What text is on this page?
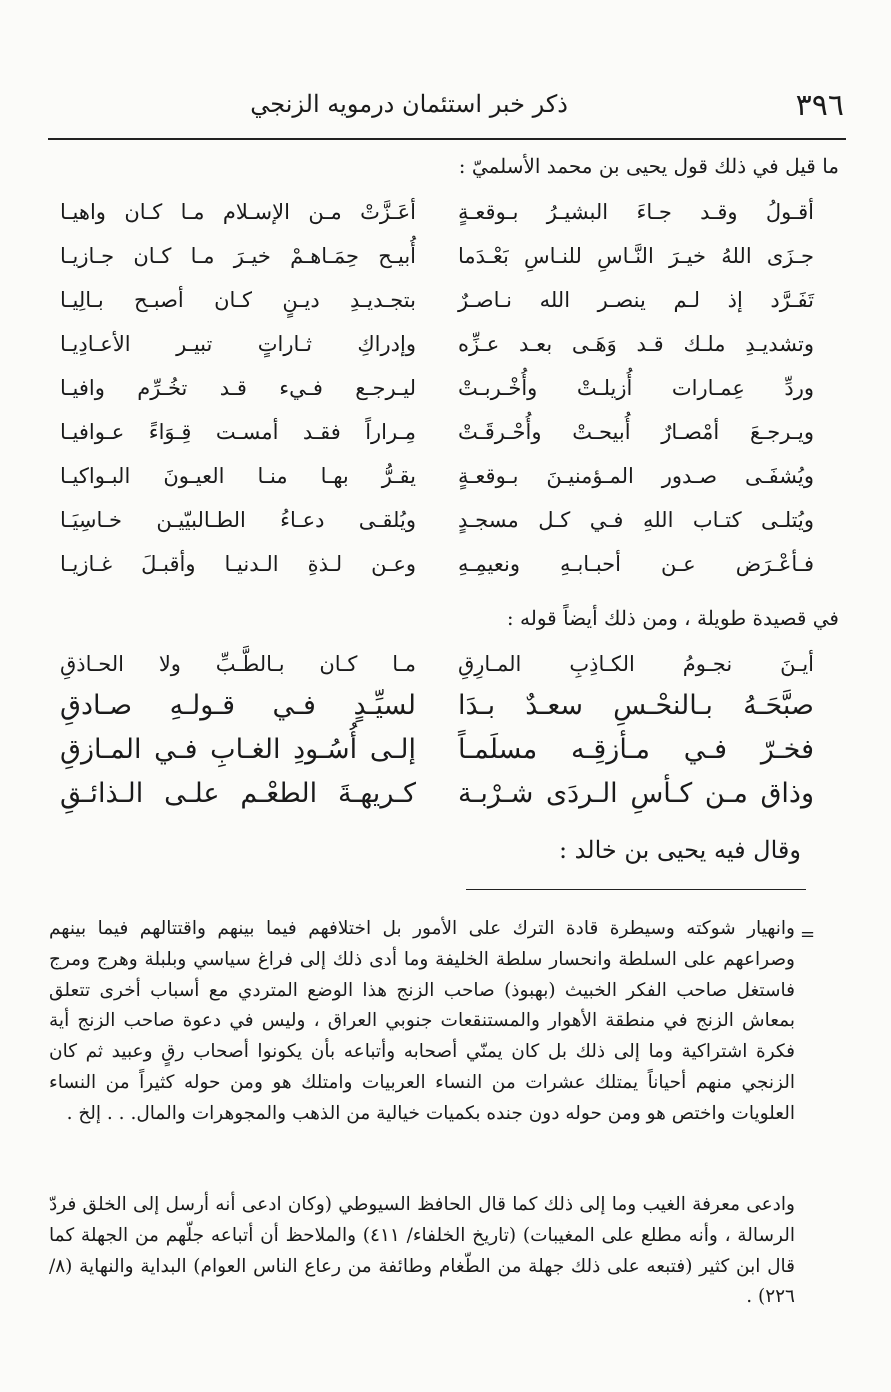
٣٩٦
ذكر خبر استئمان درمويه الزنجي
ما قيل في ذلك قول يحيى بن محمد الأسلميّ :
أقـولُ وقـد جـاءَ البشيـرُ بـوقعـةٍ
أعَـزَّتْ مـن الإسـلام مـا كـان واهيـا
جـزَى اللهُ خيـرَ النَّـاسِ للنـاسِ بَعْـدَما
أُبيـح حِمَـاهـمْ خيـرَ مـا كـان جـازيـا
تَفَـرَّد إذ لـم ينصـر الله نـاصـرٌ
بتجـديـدِ ديـنٍ كـان أصبـح بـالِيـا
وتشديـدِ ملـك قـد وَهَـى بعـد عـزِّه
وإدراكِ ثـاراتٍ تبيـر الأعـادِيـا
وردِّ عِمـارات أُزيلـتْ وأُخْـربـتْ
ليـرجـع فـيء قـد تخُـرِّم وافيـا
ويـرجـعَ أمْصـارٌ أُبيحـتْ وأُحْـرقَـتْ
مِـراراً فقـد أمسـت قِـوَاءً عـوافيـا
ويُشفَـى صـدور المـؤمنيـنَ بـوقعـةٍ
يقـرُّ بهـا منـا العيـونَ البـواكيـا
ويُتلـى كتـاب اللهِ فـي كـل مسجـدٍ
ويُلقـى دعـاءُ الطـالبيّيـن خـاسِيَـا
فـأعْـرَض عـن أحبـابـهِ ونعيمِـهِ
وعـن لـذةِ الـدنيـا وأقبـلَ غـازيـا
في قصيدة طويلة ، ومن ذلك أيضاً قوله :
أيـنَ نجـومُ الكـاذِبِ المـارِقِ
مـا كـان بـالطَّـبِّ ولا الحـاذقِ
صبَّحَـهُ بـالنحْـسِ سعـدٌ بـدَا
لسيِّـدٍ فـي قـولـهِ صـادقِ
فخـرّ فـي مـأزقِـه مسلَمـاً
إلـى أُسُـودِ الغـابِ فـي المـازقِ
وذاق مـن كـأسِ الـردَى شـرْبـة
كـريهـةَ الطعْـم علـى الـذائـقِ
وقال فيه يحيى بن خالد :
=
وانهيار شوكته وسيطرة قادة الترك على الأمور بل اختلافهم فيما بينهم واقتتالهم فيما بينهم وصراعهم على السلطة وانحسار سلطة الخليفة وما أدى ذلك إلى فراغ سياسي وبلبلة وهرج ومرج فاستغل صاحب الفكر الخبيث (بهبوذ) صاحب الزنج هذا الوضع المتردي مع أسباب أخرى تتعلق بمعاش الزنج في منطقة الأهوار والمستنقعات جنوبي العراق ، وليس في دعوة صاحب الزنج أية فكرة اشتراكية وما إلى ذلك بل كان يمنّي أصحابه وأتباعه بأن يكونوا أصحاب رقٍ وعبيد ثم كان الزنجي منهم أحياناً يمتلك عشرات من النساء العربيات وامتلك هو ومن حوله كثيراً من النساء العلويات واختص هو ومن حوله دون جنده بكميات خيالية من الذهب والمجوهرات والمال. . . إلخ .
وادعى معرفة الغيب وما إلى ذلك كما قال الحافظ السيوطي (وكان ادعى أنه أرسل إلى الخلق فردّ الرسالة ، وأنه مطلع على المغيبات) (تاريخ الخلفاء/ ٤١١) والملاحظ أن أتباعه جلّهم من الجهلة كما قال ابن كثير (فتبعه على ذلك جهلة من الطّغام وطائفة من رعاع الناس العوام) البداية والنهاية (٨/ ٢٢٦) .
